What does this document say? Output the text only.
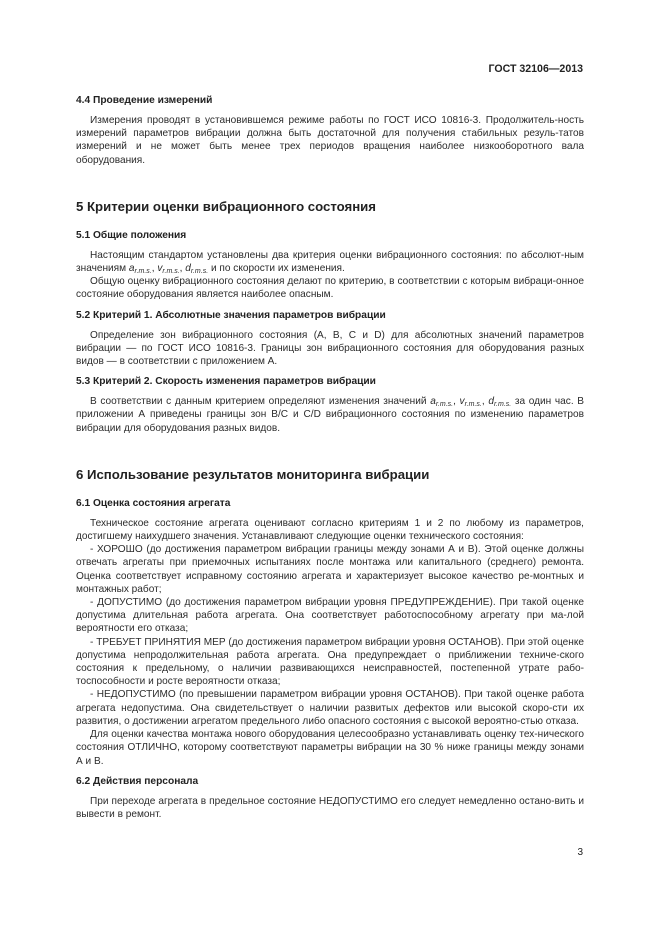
ГОСТ 32106—2013
4.4 Проведение измерений

Измерения проводят в установившемся режиме работы по ГОСТ ИСО 10816-3. Продолжитель-ность измерений параметров вибрации должна быть достаточной для получения стабильных резуль-татов измерений и не может быть менее трех периодов вращения наиболее низкооборотного вала оборудования.

5 Критерии оценки вибрационного состояния
5.1 Общие положения

Настоящим стандартом установлены два критерия оценки вибрационного состояния: по абсолют-ным значениям $a_{r.m.s.}$, $v_{r.m.s.}$, $d_{r.m.s.}$ и по скорости их изменения.

Общую оценку вибрационного состояния делают по критерию, в соответствии с которым вибраци-онное состояние оборудования является наиболее опасным.

5.2 Критерий 1. Абсолютные значения параметров вибрации

Определение зон вибрационного состояния (А, В, С и D) для абсолютных значений параметров вибрации — по ГОСТ ИСО 10816-3. Границы зон вибрационного состояния для оборудования разных видов — в соответствии с приложением А.

5.3 Критерий 2. Скорость изменения параметров вибрации

В соответствии с данным критерием определяют изменения значений $a_{r.m.s.}$, $v_{r.m.s.}$, $d_{r.m.s.}$ за один час. В приложении А приведены границы зон В/С и C/D вибрационного состояния по изменению параметров вибрации для оборудования разных видов.

6 Использование результатов мониторинга вибрации
6.1 Оценка состояния агрегата

Техническое состояние агрегата оценивают согласно критериям 1 и 2 по любому из параметров, достигшему наихудшего значения. Устанавливают следующие оценки технического состояния:

- ХОРОШО (до достижения параметром вибрации границы между зонами А и В). Этой оценке должны отвечать агрегаты при приемочных испытаниях после монтажа или капитального (среднего) ремонта. Оценка соответствует исправному состоянию агрегата и характеризует высокое качество ре-монтных и монтажных работ;

- ДОПУСТИМО (до достижения параметром вибрации уровня ПРЕДУПРЕЖДЕНИЕ). При такой оценке допустима длительная работа агрегата. Она соответствует работоспособному агрегату при ма-лой вероятности его отказа;

- ТРЕБУЕТ ПРИНЯТИЯ МЕР (до достижения параметром вибрации уровня ОСТАНОВ). При этой оценке допустима непродолжительная работа агрегата. Она предупреждает о приближении техниче-ского состояния к предельному, о наличии развивающихся неисправностей, постепенной утрате рабо-тоспособности и росте вероятности отказа;

- НЕДОПУСТИМО (по превышении параметром вибрации уровня ОСТАНОВ). При такой оценке работа агрегата недопустима. Она свидетельствует о наличии развитых дефектов или высокой скоро-сти их развития, о достижении агрегатом предельного либо опасного состояния с высокой вероятно-стью отказа.

Для оценки качества монтажа нового оборудования целесообразно устанавливать оценку тех-нического состояния ОТЛИЧНО, которому соответствуют параметры вибрации на 30 % ниже границы между зонами А и В.

6.2 Действия персонала

При переходе агрегата в предельное состояние НЕДОПУСТИМО его следует немедленно остано-вить и вывести в ремонт.

3
